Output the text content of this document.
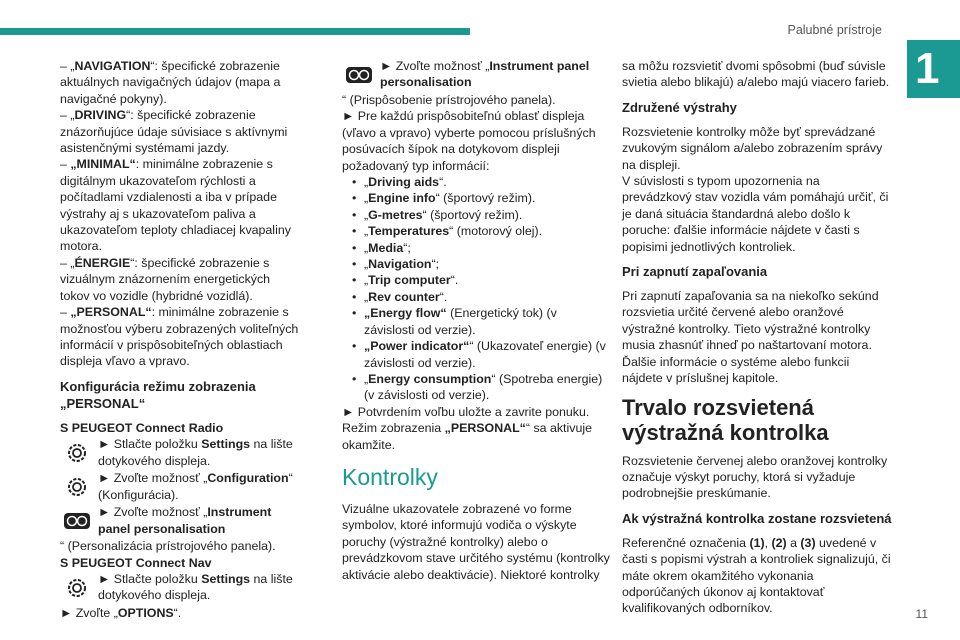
Palubné prístroje
1
11

– „NAVIGATION“: špecifické zobrazenie aktuálnych navigačných údajov (mapa a navigačné pokyny).

– „DRIVING“: špecifické zobrazenie znázorňujúce údaje súvisiace s aktívnymi asistenčnými systémami jazdy.

– „MINIMAL“: minimálne zobrazenie s digitálnym ukazovateľom rýchlosti a počítadlami vzdialenosti a iba v prípade výstrahy aj s ukazovateľom paliva a ukazovateľom teploty chladiacej kvapaliny motora.

– „ÉNERGIE“: špecifické zobrazenie s vizuálnym znázornením energetických tokov vo vozidle (hybridné vozidlá).

– „PERSONAL“: minimálne zobrazenie s možnosťou výberu zobrazených voliteľných informácií v prispôsobiteľných oblastiach displeja vľavo a vpravo.

Konfigurácia režimu zobrazenia „PERSONAL“

S PEUGEOT Connect Radio

► Stlačte položku Settings na lište dotykového displeja.

► Zvoľte možnosť „Configuration“ (Konfigurácia).

► Zvoľte možnosť „Instrument panel personalisation

“ (Personalizácia prístrojového panela).

S PEUGEOT Connect Nav

► Stlačte položku Settings na lište dotykového displeja.

► Zvoľte „OPTIONS“.

► Zvoľte možnosť „Instrument panel personalisation

“ (Prispôsobenie prístrojového panela).

► Pre každú prispôsobiteľnú oblasť displeja (vľavo a vpravo) vyberte pomocou príslušných posúvacích šípok na dotykovom displeji požadovaný typ informácií:

• „Driving aids“.

• „Engine info“ (športový režim).

• „G-metres“ (športový režim).

• „Temperatures“ (motorový olej).

• „Media“;

• „Navigation“;

• „Trip computer“.

• „Rev counter“.

• „Energy flow“ (Energetický tok) (v závislosti od verzie).

• „Power indicator““ (Ukazovateľ energie) (v závislosti od verzie).

• „Energy consumption“ (Spotreba energie) (v závislosti od verzie).

► Potvrdením voľbu uložte a zavrite ponuku.

Režim zobrazenia „PERSONAL““ sa aktivuje okamžite.

Kontrolky

Vizuálne ukazovatele zobrazené vo forme symbolov, ktoré informujú vodiča o výskyte poruchy (výstražné kontrolky) alebo o prevádzkovom stave určitého systému (kontrolky aktivácie alebo deaktivácie). Niektoré kontrolky

sa môžu rozsvietiť dvomi spôsobmi (buď súvisle svietia alebo blikajú) a/alebo majú viacero farieb.

Združené výstrahy

Rozsvietenie kontrolky môže byť sprevádzané zvukovým signálom a/alebo zobrazením správy na displeji.

V súvislosti s typom upozornenia na prevádzkový stav vozidla vám pomáhajú určiť, či je daná situácia štandardná alebo došlo k poruche: ďalšie informácie nájdete v časti s popisimi jednotlivých kontroliek.

Pri zapnutí zapaľovania

Pri zapnutí zapaľovania sa na niekoľko sekúnd rozsvietia určité červené alebo oranžové výstražné kontrolky. Tieto výstražné kontrolky musia zhasnúť ihneď po naštartovaní motora. Ďalšie informácie o systéme alebo funkcii nájdete v príslušnej kapitole.

Trvalo rozsvietená výstražná kontrolka

Rozsvietenie červenej alebo oranžovej kontrolky označuje výskyt poruchy, ktorá si vyžaduje podrobnejšie preskúmanie.

Ak výstražná kontrolka zostane rozsvietená

Referenčné označenia (1), (2) a (3) uvedené v časti s popismi výstrah a kontroliek signalizujú, či máte okrem okamžitého vykonania odporúčaných úkonov aj kontaktovať kvalifikovaných odborníkov.
